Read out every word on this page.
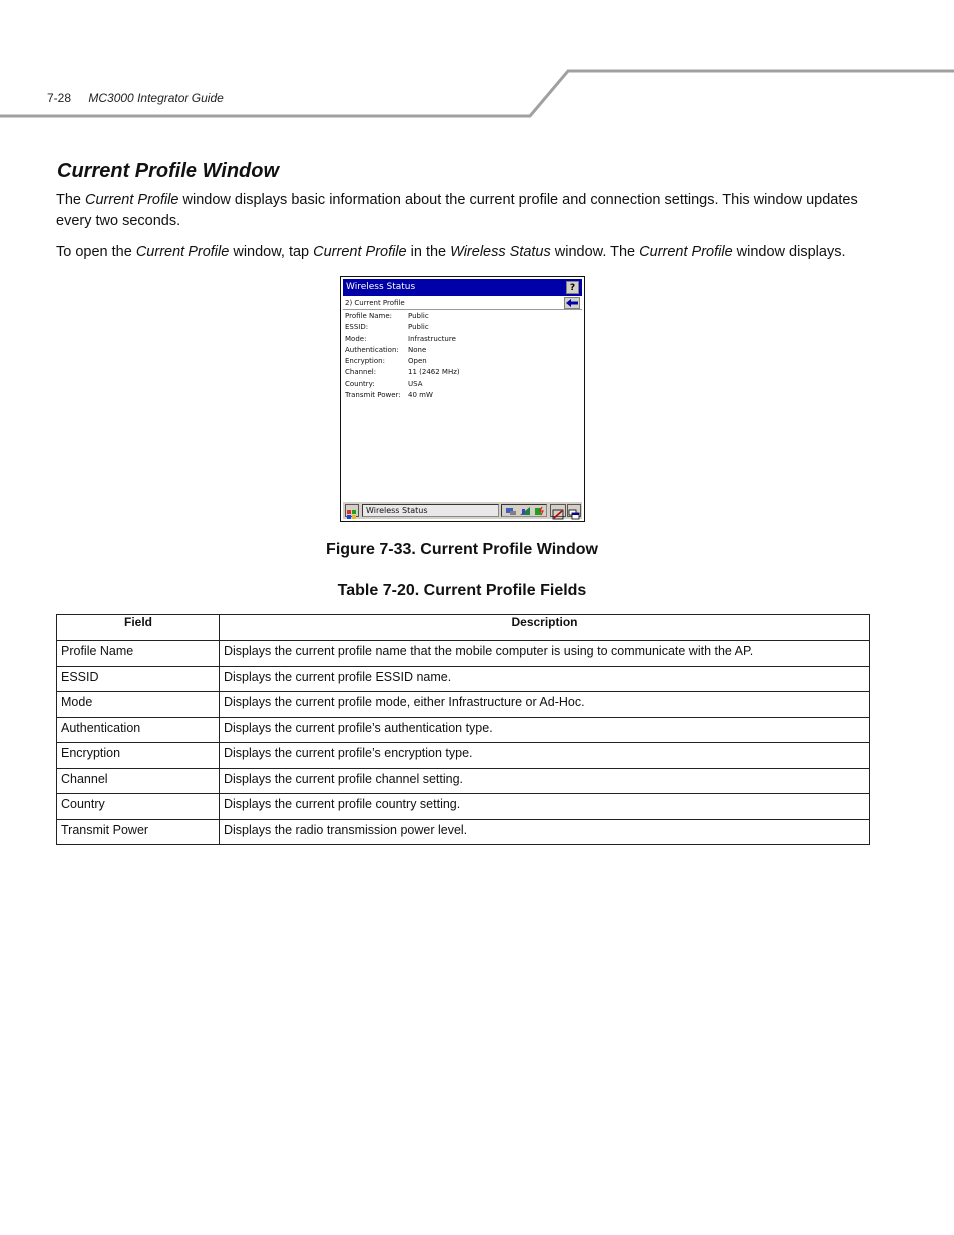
7-28 MC3000 Integrator Guide
Current Profile Window
The Current Profile window displays basic information about the current profile and connection settings. This window updates every two seconds.
To open the Current Profile window, tap Current Profile in the Wireless Status window. The Current Profile window displays.
Wireless Status	?
2) Current Profile
Profile Name:	Public
ESSID:	Public
Mode:	Infrastructure
Authentication:	None
Encryption:	Open
Channel:	11 (2462 MHz)
Country:	USA
Transmit Power:	40 mW
Wireless Status
Figure 7-33. Current Profile Window
Table 7-20. Current Profile Fields
Field	Description
Profile Name	Displays the current profile name that the mobile computer is using to communicate with the AP.
ESSID	Displays the current profile ESSID name.
Mode	Displays the current profile mode, either Infrastructure or Ad-Hoc.
Authentication	Displays the current profile’s authentication type.
Encryption	Displays the current profile’s encryption type.
Channel	Displays the current profile channel setting.
Country	Displays the current profile country setting.
Transmit Power	Displays the radio transmission power level.
